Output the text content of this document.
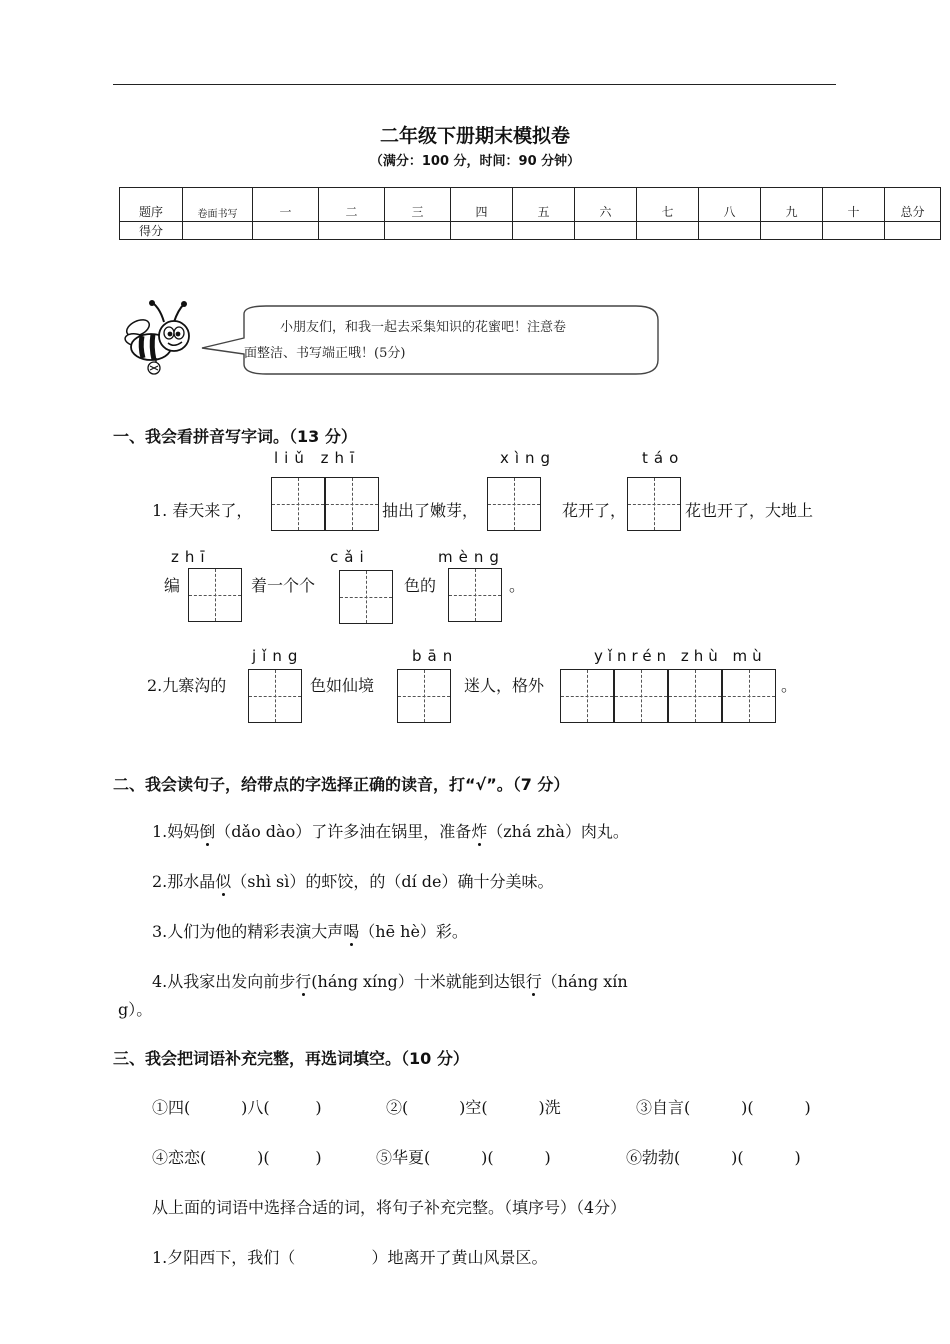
二年级下册期末模拟卷
（满分：100 分，时间：90 分钟）
题序	卷面书写	一	二	三	四	五	六	七	八	九	十	总分
得分												
小朋友们，和我一起去采集知识的花蜜吧！注意卷
面整洁、书写端正哦！(5分)
一、我会看拼音写字词。（13 分）
liǔ zhī	xìng	táo
1. 春天来了，	抽出了嫩芽，	花开了，	花也开了，大地上
zhī	cǎi	mèng
编	着一个个	色的	。
jǐng	bān	yǐnrén zhù mù
2.九寨沟的	色如仙境	迷人，格外	。
二、我会读句子，给带点的字选择正确的读音，打“√”。（7 分）
1.妈妈倒（dǎo dào）了许多油在锅里，准备炸（zhá zhà）肉丸。
2.那水晶似（shì sì）的虾饺，的（dí de）确十分美味。
3.人们为他的精彩表演大声喝（hē hè）彩。
4.从我家出发向前步行(háng xíng）十米就能到达银行（háng xín
g）。
三、我会把词语补充完整，再选词填空。（10 分）
①四(          )八(         )	②(          )空(          )洗	③自言(          )(          )
④恋恋(          )(         )	⑤华夏(          )(          )	⑥勃勃(          )(          )
从上面的词语中选择合适的词，将句子补充完整。（填序号）（4分）
1.夕阳西下，我们（               ）地离开了黄山风景区。
